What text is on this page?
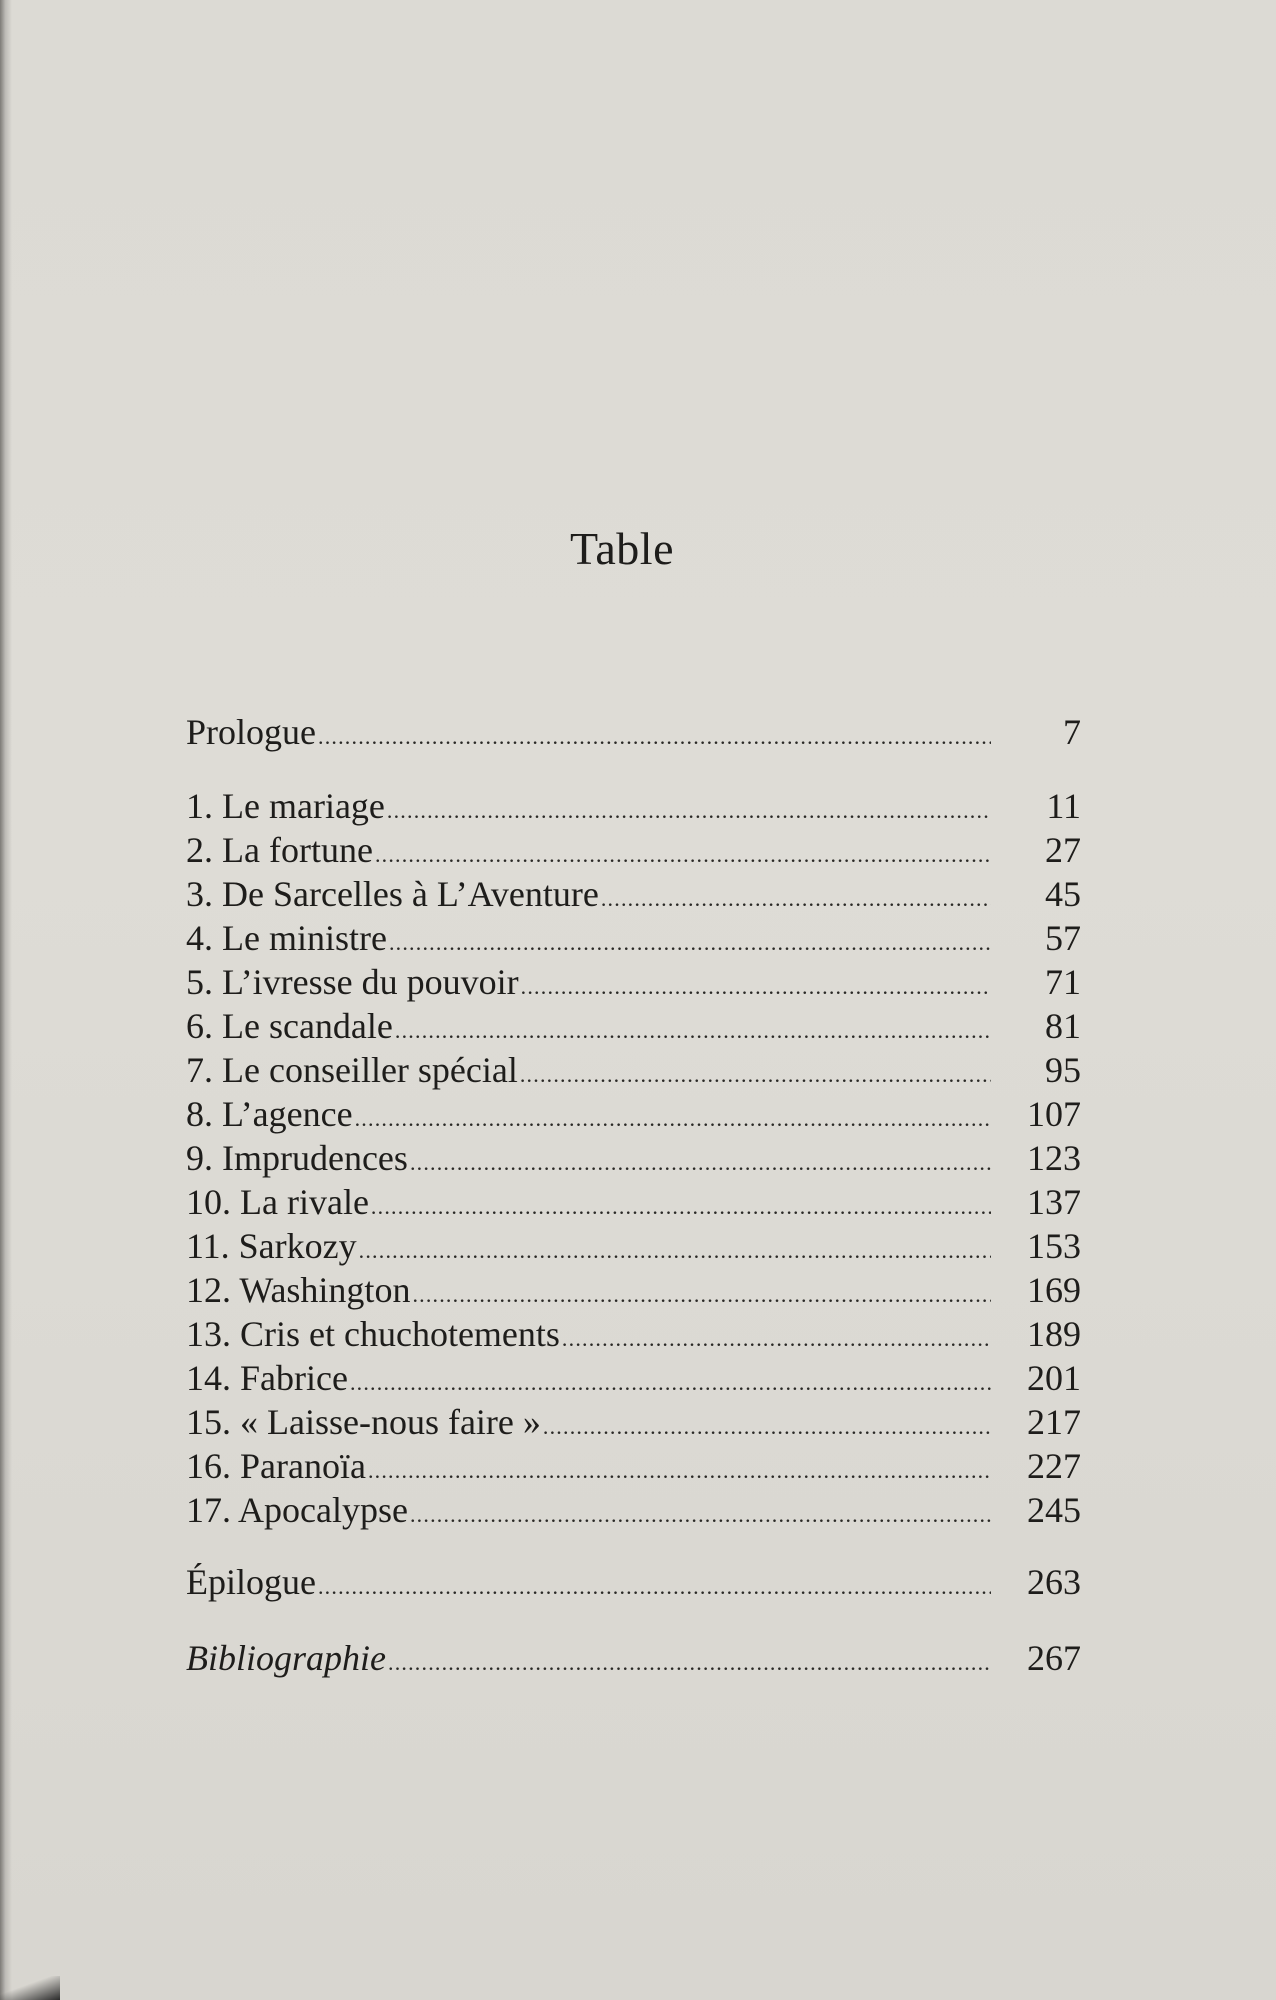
Table
Prologue .....	7
1. Le mariage .....	11
2. La fortune .....	27
3. De Sarcelles à L’Aventure .....	45
4. Le ministre .....	57
5. L’ivresse du pouvoir .....	71
6. Le scandale .....	81
7. Le conseiller spécial .....	95
8. L’agence .....	107
9. Imprudences .....	123
10. La rivale .....	137
11. Sarkozy .....	153
12. Washington .....	169
13. Cris et chuchotements .....	189
14. Fabrice .....	201
15. « Laisse-nous faire » .....	217
16. Paranoïa .....	227
17. Apocalypse .....	245
Épilogue .....	263
Bibliographie .....	267
